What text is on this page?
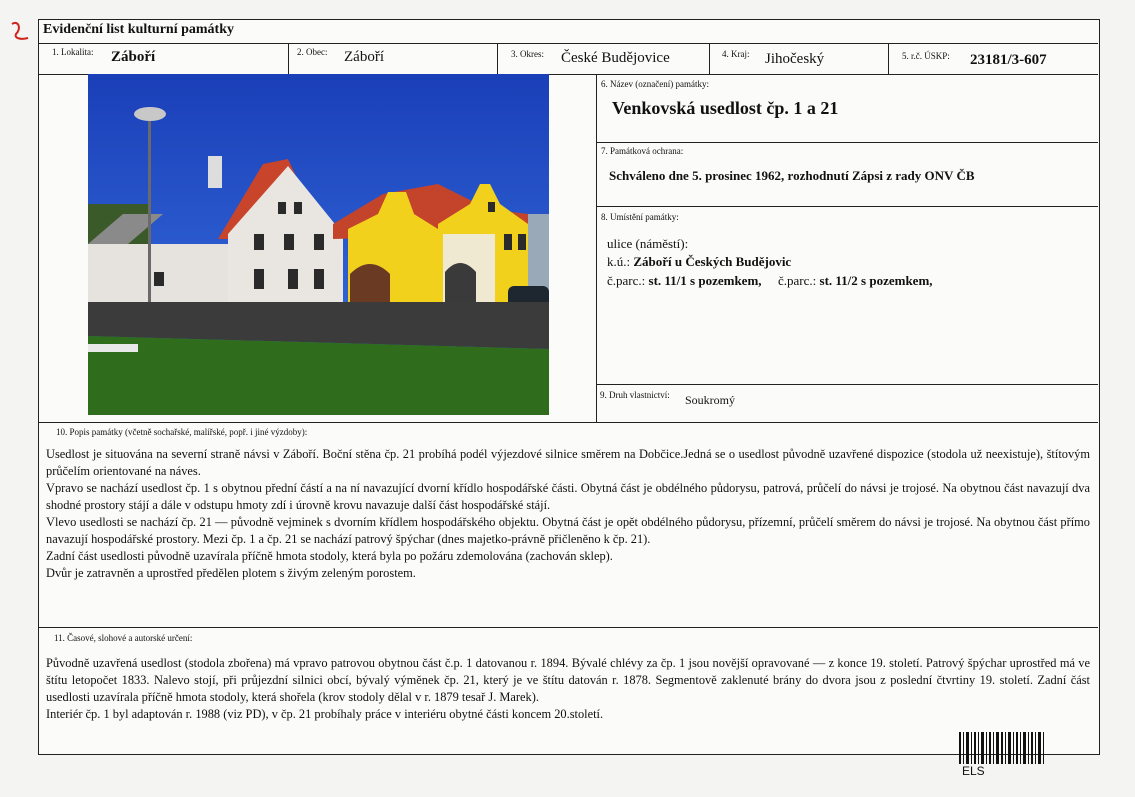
Evidenční list kulturní památky
1. Lokalita: Záboří	2. Obec: Záboří	3. Okres: České Budějovice	4. Kraj: Jihočeský	5. r.č. ÚSKP: 23181/3-607
6. Název (označení) památky:
Venkovská usedlost čp. 1 a 21
7. Památková ochrana:
Schváleno dne 5. prosinec 1962, rozhodnutí Zápsi z rady ONV ČB
8. Umístění památky:
ulice (náměstí):
k.ú.: Záboří u Českých Budějovic
č.parc.: st. 11/1 s pozemkem, č.parc.: st. 11/2 s pozemkem,
9. Druh vlastnictví: Soukromý
10. Popis památky (včetně sochařské, malířské, popř. i jiné výzdoby):
Usedlost je situována na severní straně návsi v Záboří. Boční stěna čp. 21 probíhá podél výjezdové silnice směrem na Dobčice.Jedná se o usedlost původně uzavřené dispozice (stodola už neexistuje), štítovým průčelím orientované na náves.
Vpravo se nachází usedlost čp. 1 s obytnou přední částí a na ní navazující dvorní křídlo hospodářské části. Obytná část je obdélného půdorysu, patrová, průčelí do návsi je trojosé. Na obytnou část navazují dva shodné prostory stájí a dále v odstupu hmoty zdí i úrovně krovu navazuje další část hospodářské stájí.
Vlevo usedlosti se nachází čp. 21 — původně vejminek s dvorním křídlem hospodářského objektu. Obytná část je opět obdélného půdorysu, přízemní, průčelí směrem do návsi je trojosé. Na obytnou část přímo navazují hospodářské prostory. Mezi čp. 1 a čp. 21 se nachází patrový špýchar (dnes majetko-právně přičleněno k čp. 21).
Zadní část usedlosti původně uzavírala příčně hmota stodoly, která byla po požáru zdemolována (zachován sklep).
Dvůr je zatravněn a uprostřed předělen plotem s živým zeleným porostem.
11. Časové, slohové a autorské určení:
Původně uzavřená usedlost (stodola zbořena) má vpravo patrovou obytnou část č.p. 1 datovanou r. 1894. Bývalé chlévy za čp. 1 jsou novější opravované — z konce 19. století. Patrový špýchar uprostřed má ve štítu letopočet 1833. Nalevo stojí, při průjezdní silnici obcí, bývalý výměnek čp. 21, který je ve štítu datován r. 1878. Segmentově zaklenuté brány do dvora jsou z poslední čtvrtiny 19. století. Zadní část usedlosti uzavírala příčně hmota stodoly, která shořela (krov stodoly dělal v r. 1879 tesař J. Marek).
Interiér čp. 1 byl adaptován r. 1988 (viz PD), v čp. 21 probíhaly práce v interiéru obytné části koncem 20.století.
ELS
